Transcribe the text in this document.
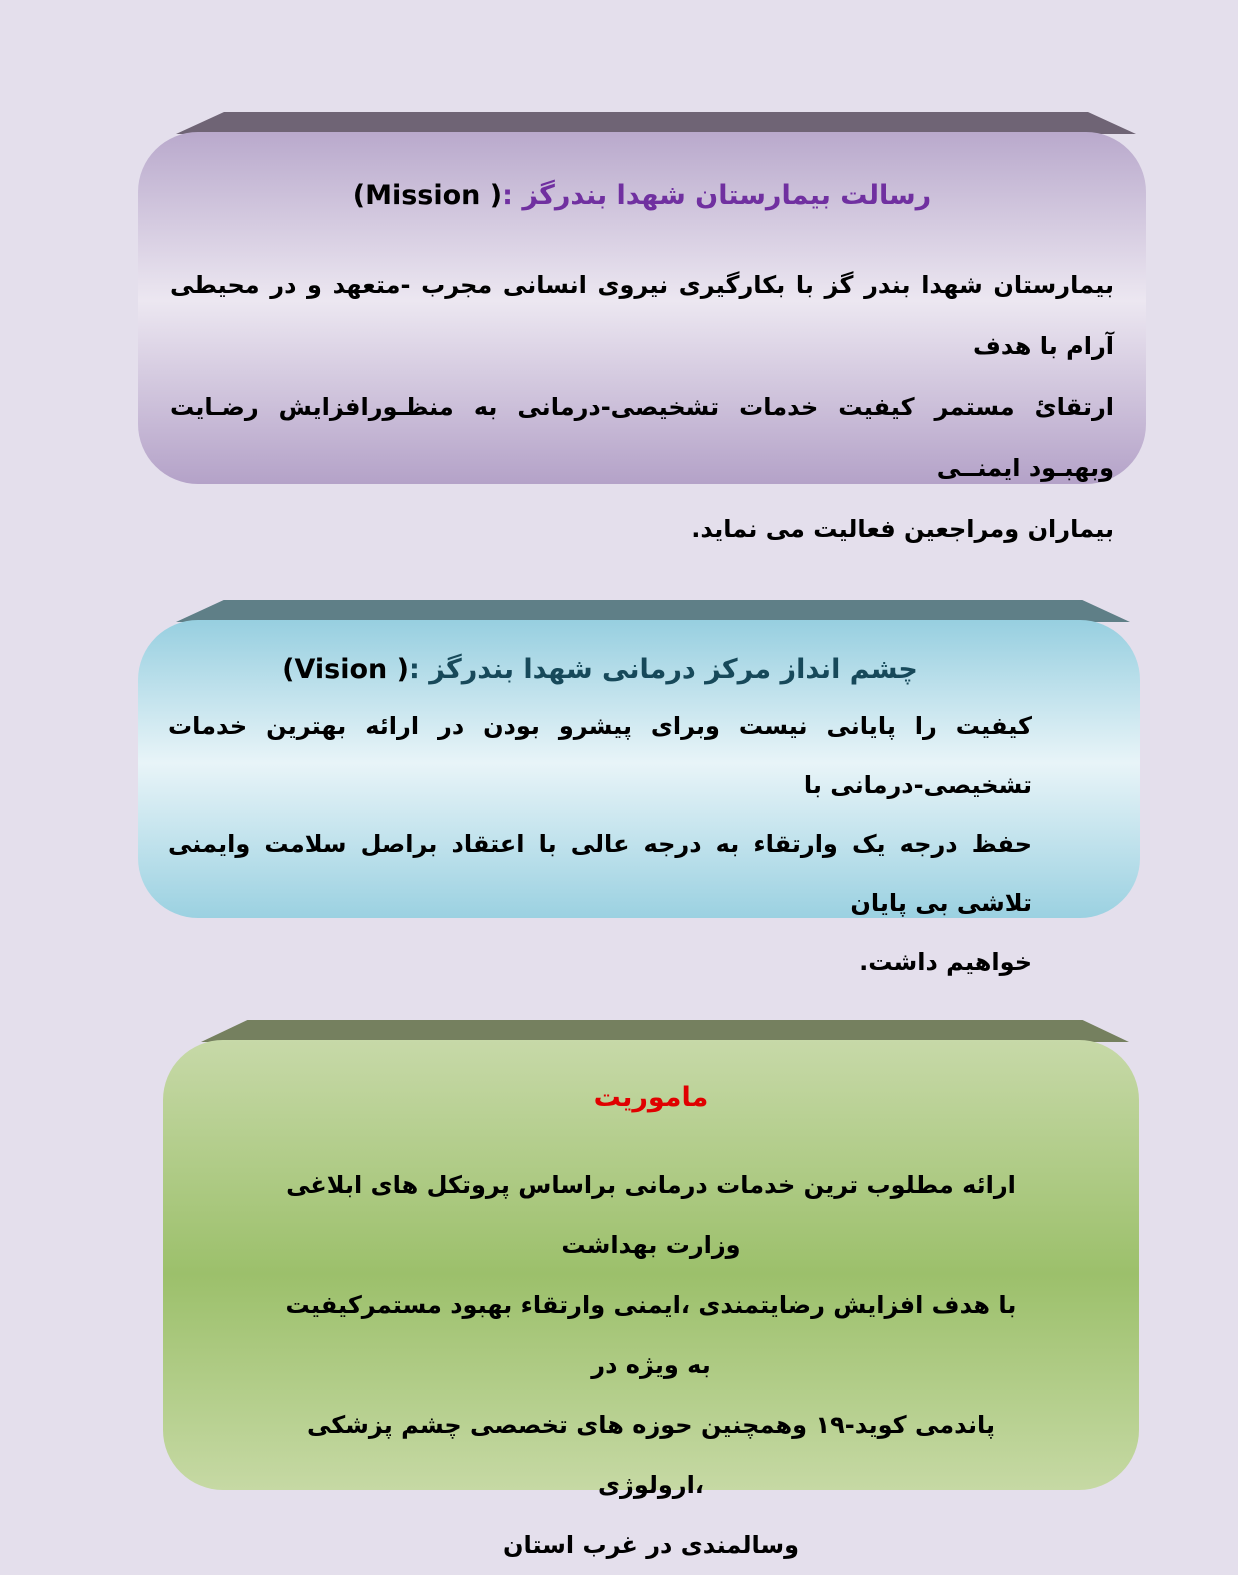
رسالت بیمارستان شهدا بندرگز :(Mission )

بیمارستان شهدا بندر گز با بکارگیری نیروی انسانی مجرب -متعهد و در محیطی آرام با هدف

ارتقائ مستمر کیفیت خدمات تشخیصی-درمانی به منظـورافزایش رضـایت وبهبـود ایمنــی

بیماران ومراجعین فعالیت می نماید.

چشم انداز مرکز درمانی شهدا بندرگز :(Vision )

کیفیت را پایانی نیست وبرای پیشرو بودن در ارائه بهترین خدمات تشخیصی-درمانی با

حفظ درجه یک وارتقاء به درجه عالی با اعتقاد براصل سلامت وایمنی تلاشی بی پایان

خواهیم داشت.

ماموریت

ارائه مطلوب ترین خدمات درمانی براساس پروتکل های ابلاغی وزارت بهداشت

با هدف افزایش رضایتمندی ،ایمنی وارتقاء بهبود مستمرکیفیت به ویژه در

پاندمی کوید-۱۹ وهمچنین حوزه های تخصصی چشم پزشکی ،ارولوژی

وسالمندی در غرب استان
